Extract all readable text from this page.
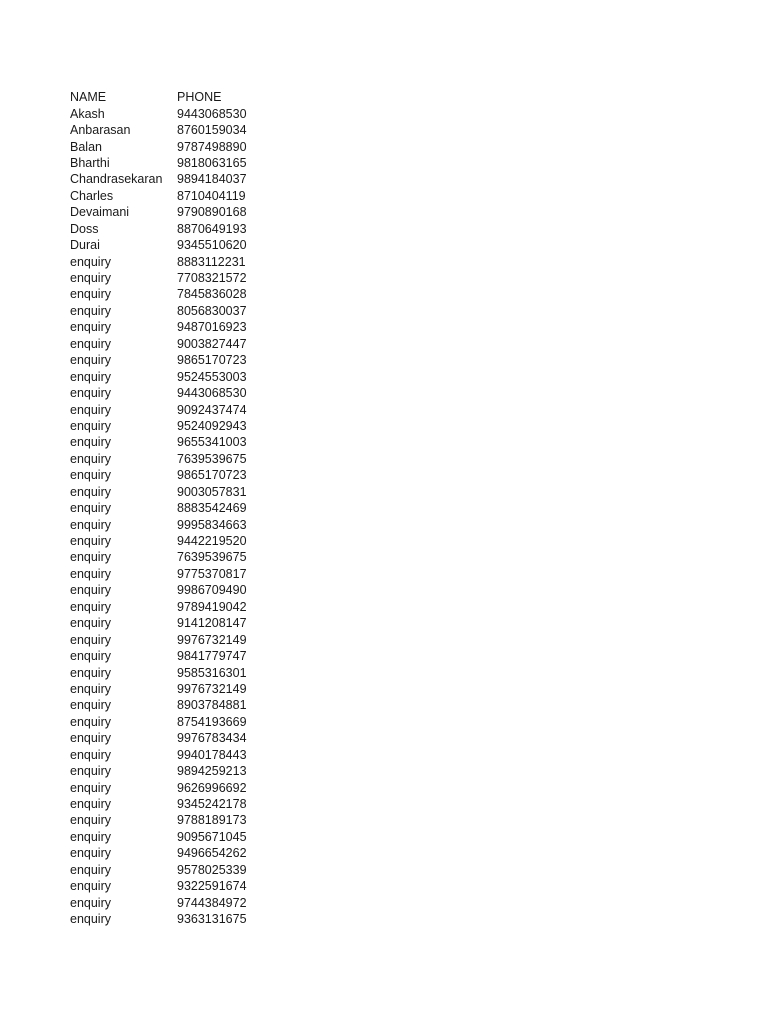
NAME	PHONE
Akash	9443068530
Anbarasan	8760159034
Balan	9787498890
Bharthi	9818063165
Chandrasekaran	9894184037
Charles	8710404119
Devaimani	9790890168
Doss	8870649193
Durai	9345510620
enquiry	8883112231
enquiry	7708321572
enquiry	7845836028
enquiry	8056830037
enquiry	9487016923
enquiry	9003827447
enquiry	9865170723
enquiry	9524553003
enquiry	9443068530
enquiry	9092437474
enquiry	9524092943
enquiry	9655341003
enquiry	7639539675
enquiry	9865170723
enquiry	9003057831
enquiry	8883542469
enquiry	9995834663
enquiry	9442219520
enquiry	7639539675
enquiry	9775370817
enquiry	9986709490
enquiry	9789419042
enquiry	9141208147
enquiry	9976732149
enquiry	9841779747
enquiry	9585316301
enquiry	9976732149
enquiry	8903784881
enquiry	8754193669
enquiry	9976783434
enquiry	9940178443
enquiry	9894259213
enquiry	9626996692
enquiry	9345242178
enquiry	9788189173
enquiry	9095671045
enquiry	9496654262
enquiry	9578025339
enquiry	9322591674
enquiry	9744384972
enquiry	9363131675
